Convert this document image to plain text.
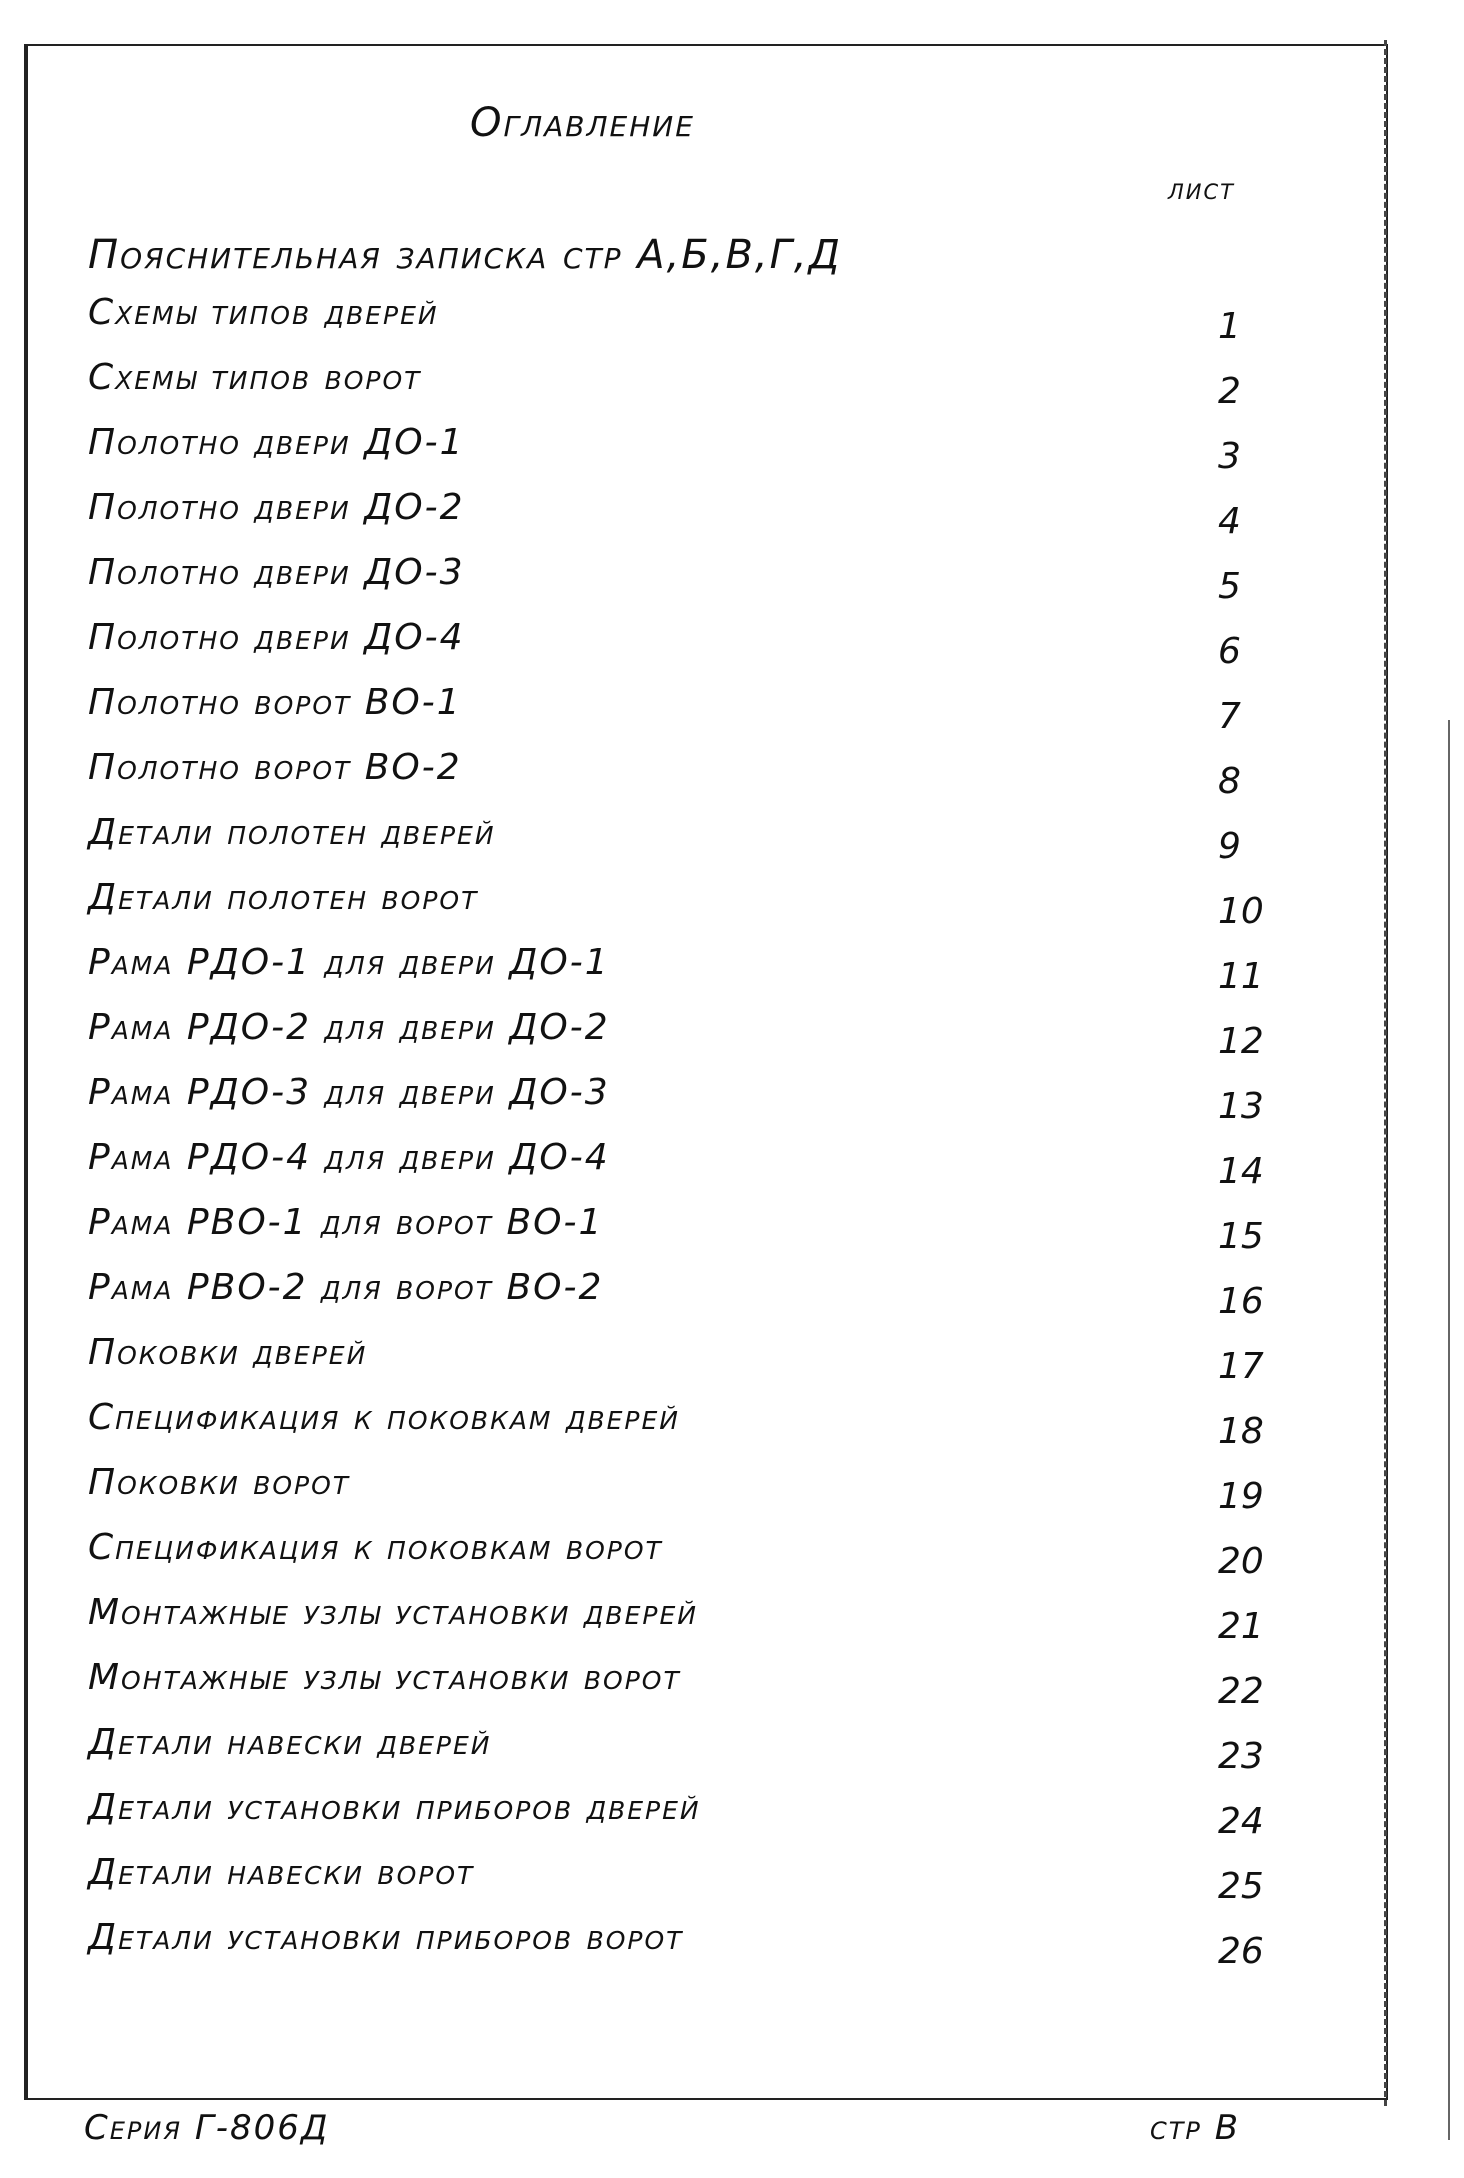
Оглавление
лист
Пояснительная записка стр А,Б,В,Г,Д
Схемы типов дверей	1
Схемы типов ворот	2
Полотно двери ДО-1	3
Полотно двери ДО-2	4
Полотно двери ДО-3	5
Полотно двери ДО-4	6
Полотно ворот ВО-1	7
Полотно ворот ВО-2	8
Детали полотен дверей	9
Детали полотен ворот	10
Рама РДО-1 для двери ДО-1	11
Рама РДО-2 для двери ДО-2	12
Рама РДО-3 для двери ДО-3	13
Рама РДО-4 для двери ДО-4	14
Рама РВО-1 для ворот ВО-1	15
Рама РВО-2 для ворот ВО-2	16
Поковки дверей	17
Спецификация к поковкам дверей	18
Поковки ворот	19
Спецификация к поковкам ворот	20
Монтажные узлы установки дверей	21
Монтажные узлы установки ворот	22
Детали навески дверей	23
Детали установки приборов дверей	24
Детали навески ворот	25
Детали установки приборов ворот	26
Серия Г-806Д	стр В
